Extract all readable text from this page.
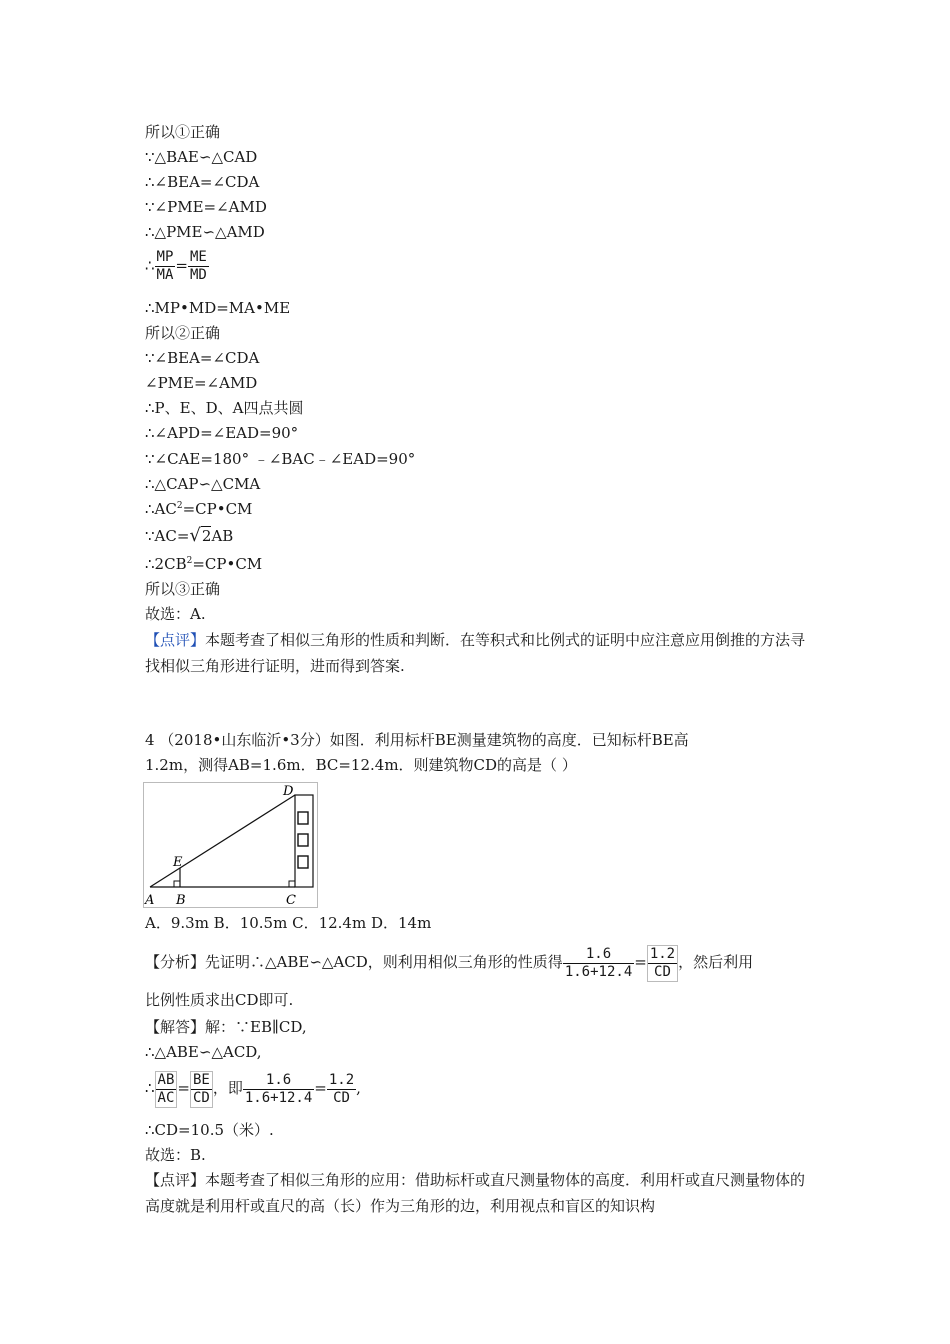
所以①正确
∵△BAE∽△CAD
∴∠BEA=∠CDA
∵∠PME=∠AMD
∴△PME∽△AMD
∴ $\frac{MP}{MA} = \frac{ME}{MD}$
∴MP•MD=MA•ME
所以②正确
∵∠BEA=∠CDA
∠PME=∠AMD
∴P、E、D、A四点共圆
∴∠APD=∠EAD=90°
∵∠CAE=180° ﹣∠BAC﹣∠EAD=90°
∴△CAP∽△CMA
$\therefore AC^2=CP•CM$
∵AC=√2AB
$\therefore 2CB^2=CP•CM$
所以③正确
故选：A.
【点评】本题考查了相似三角形的性质和判断．在等积式和比例式的证明中应注意应用倒推的方法寻找相似三角形进行证明，进而得到答案.
4 （2018•山东临沂•3分）如图．利用标杆BE测量建筑物的高度．已知标杆BE高
1.2m，测得AB=1.6m．BC=12.4m．则建筑物CD的高是（ ）
A B	C
D
E
A．9.3m B．10.5m C．12.4m D．14m
【分析】先证明∴△ABE∽△ACD，则利用相似三角形的性质得 $\frac{1.6}{1.6+12.4} = \frac{1.2}{CD}$ ，然后利用
比例性质求出CD即可.
【解答】解：∵EB∥CD,
∴△ABE∽△ACD,
∴ $\frac{AB}{AC} = \frac{BE}{CD}$ ，即 $\frac{1.6}{1.6+12.4} = \frac{1.2}{CD}$ ,
∴CD=10.5（米）.
故选：B.
【点评】本题考查了相似三角形的应用：借助标杆或直尺测量物体的高度．利用杆或直尺测量物体的高度就是利用杆或直尺的高（长）作为三角形的边，利用视点和盲区的知识构
